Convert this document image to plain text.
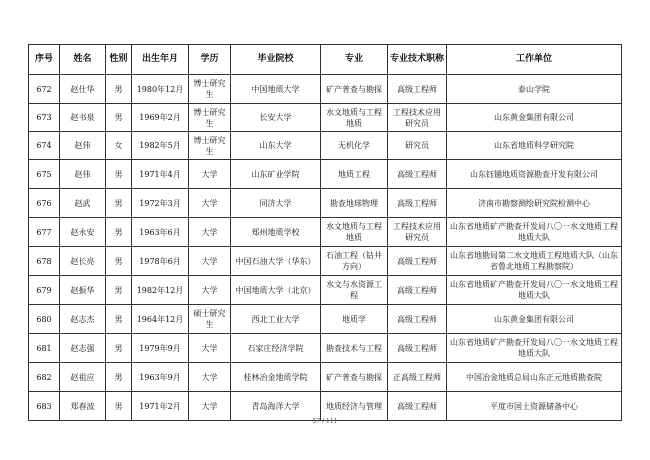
序号	姓名	性别	出生年月	学历	毕业院校	专业	专业技术职称	工作单位
672	赵仕华	男	1980年12月	博士研究生	中国地质大学	矿产普查与勘探	高级工程师	泰山学院
673	赵书泉	男	1969年2月	博士研究生	长安大学	水文地质与工程地质	工程技术应用研究员	山东黄金集团有限公司
674	赵伟	女	1982年5月	博士研究生	山东大学	无机化学	研究员	山东省地质科学研究院
675	赵伟	男	1971年4月	大学	山东矿业学院	地质工程	高级工程师	山东钰镪地质资源勘查开发有限公司
676	赵武	男	1972年3月	大学	同济大学	勘查地球物理	高级工程师	济南市勘察测绘研究院检测中心
677	赵永安	男	1963年6月	大学	郑州地质学校	水文地质与工程地质	工程技术应用研究员	山东省地质矿产勘查开发局八〇一水文地质工程地质大队
678	赵长亮	男	1978年6月	大学	中国石油大学（华东）	石油工程（钻井方向）	高级工程师	山东省地勘局第二水文地质工程地质大队（山东省鲁北地质工程勘察院）
679	赵振华	男	1982年12月	大学	中国地质大学（北京）	水文与水资源工程	高级工程师	山东省地质矿产勘查开发局八〇一水文地质工程地质大队
680	赵志杰	男	1964年12月	硕士研究生	西北工业大学	地质学	高级工程师	山东黄金集团有限公司
681	赵志强	男	1979年9月	大学	石家庄经济学院	勘查技术与工程	高级工程师	山东省地质矿产勘查开发局八〇一水文地质工程地质大队
682	赵祖应	男	1963年9月	大学	桂林冶金地质学院	矿产普查与勘探	正高级工程师	中国冶金地质总局山东正元地质勘查院
683	郑春波	男	1971年2月	大学	青岛海洋大学	地质经济与管理	高级工程师	平度市国土资源储备中心
57 / 111
